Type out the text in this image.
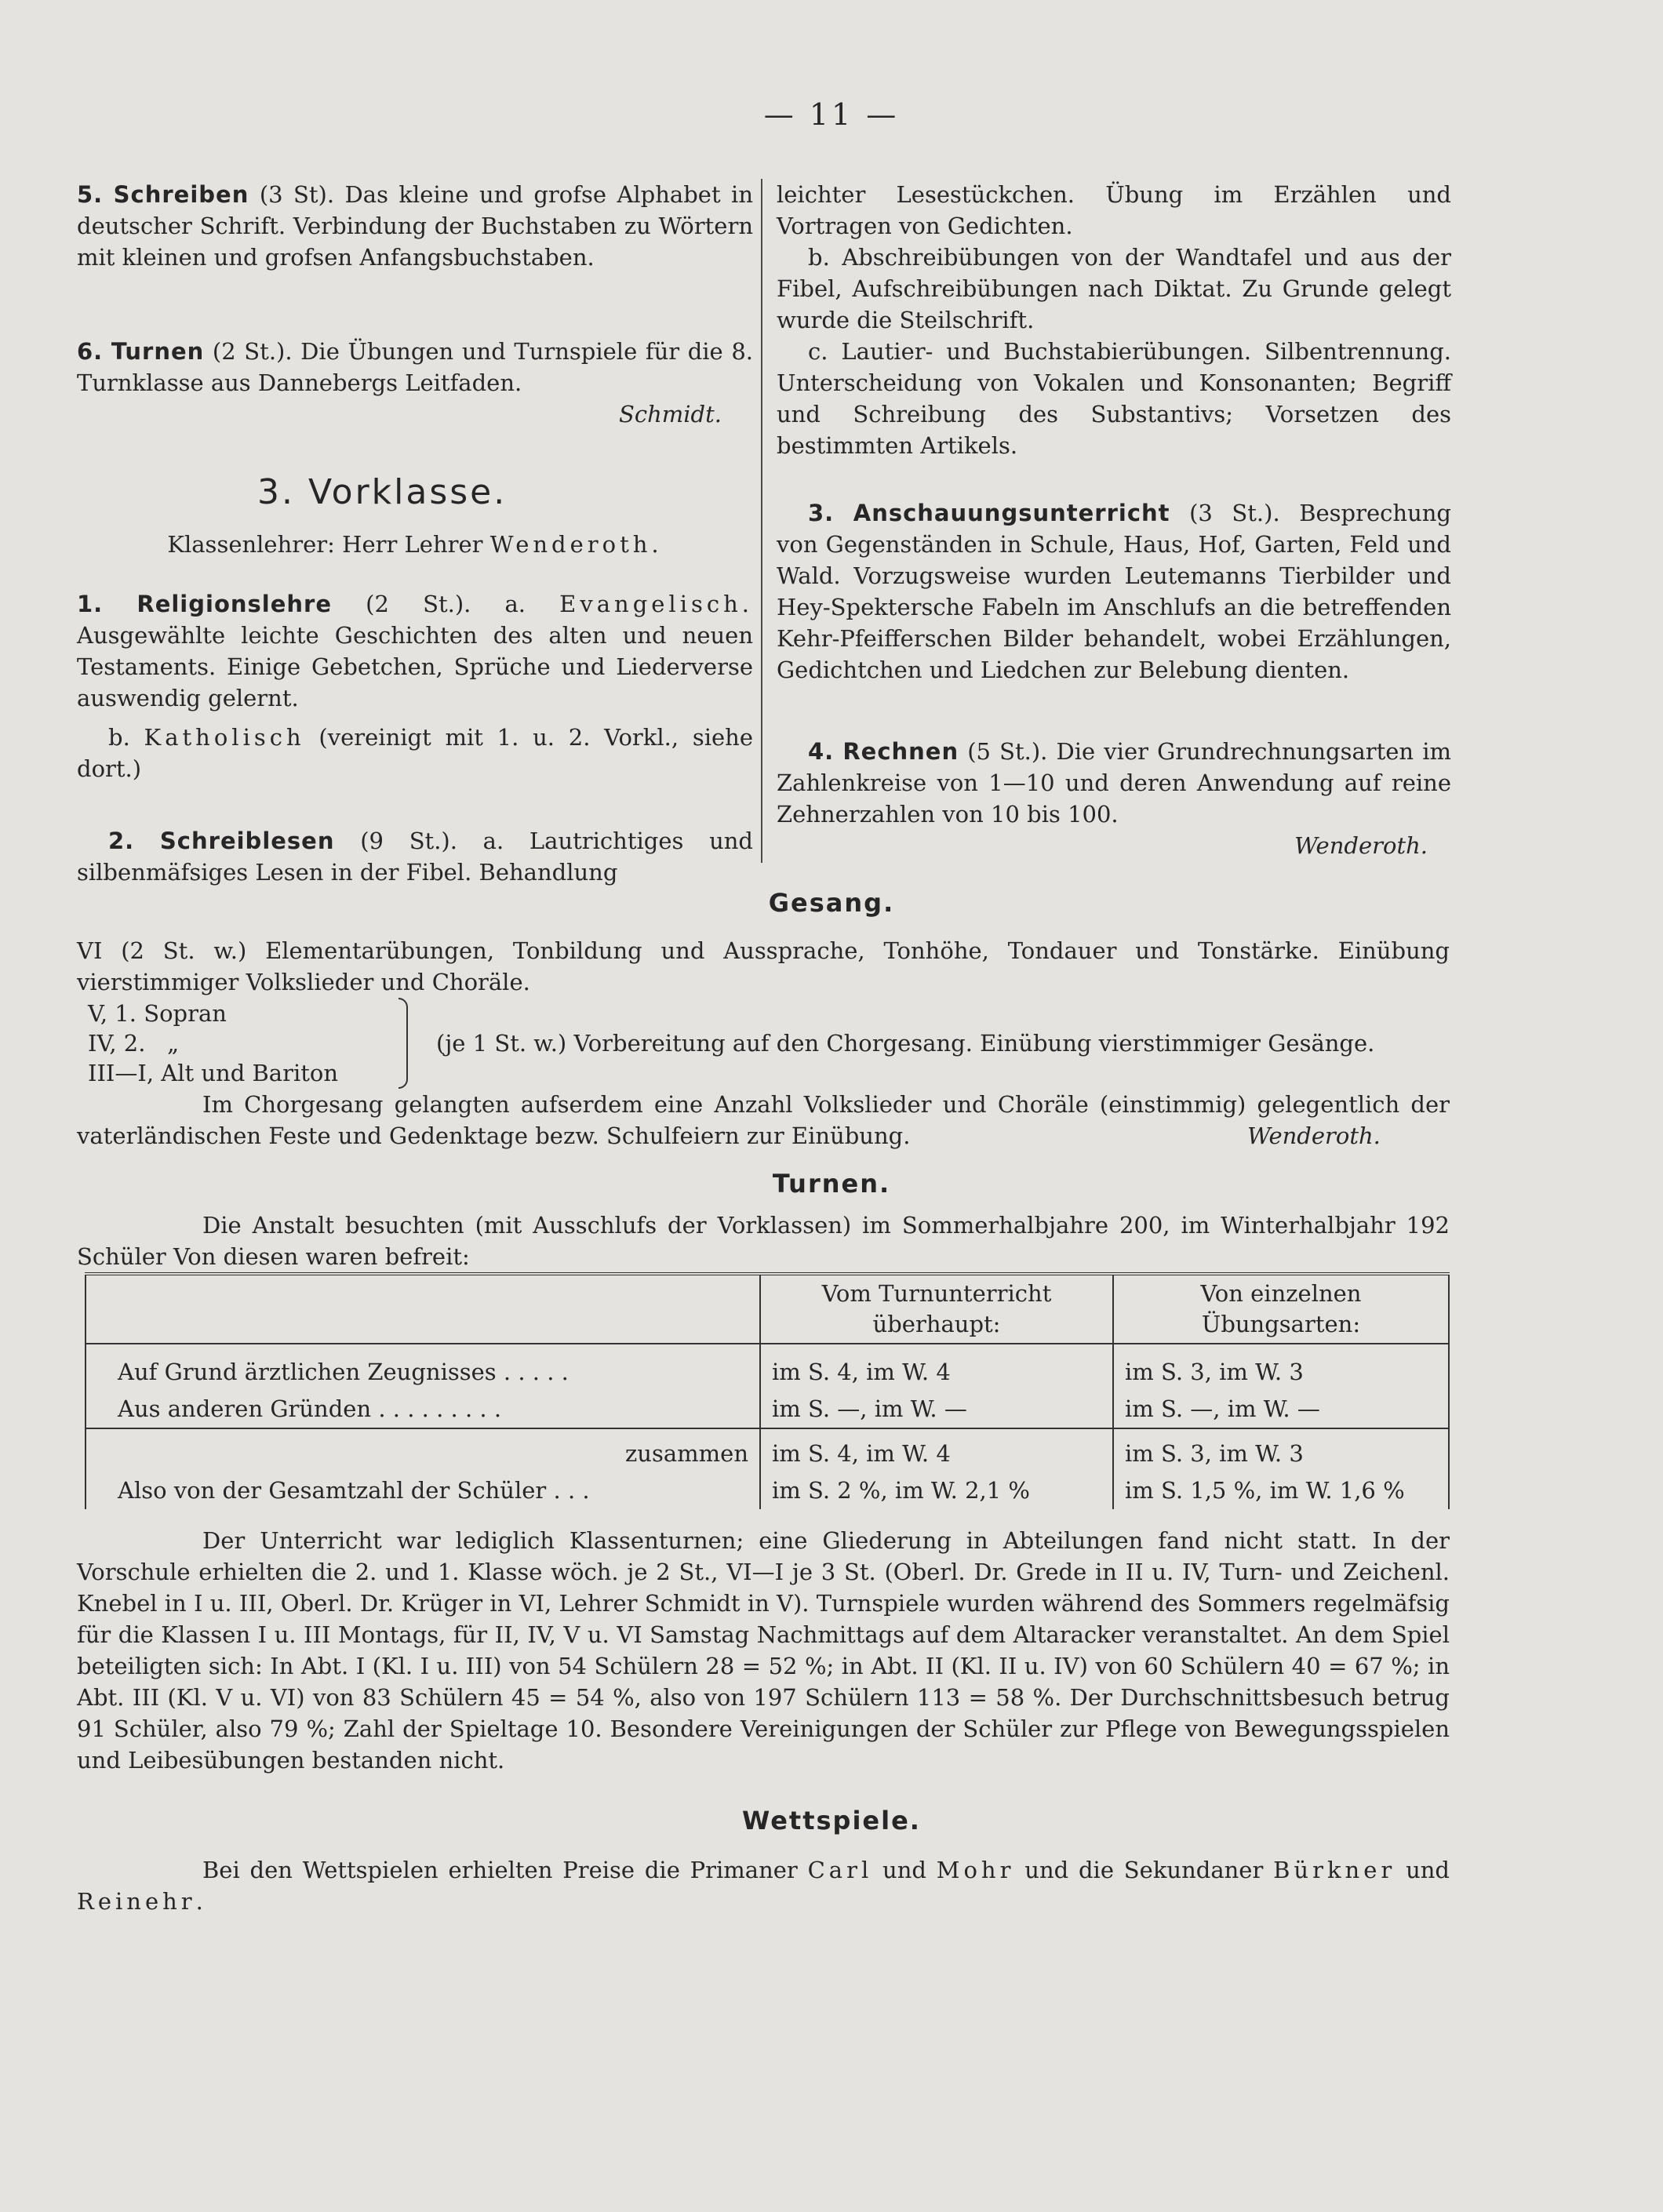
— 11 —

5. Schreiben (3 St). Das kleine und grofse Alphabet in deutscher Schrift. Verbindung der Buchstaben zu Wörtern mit kleinen und grofsen Anfangsbuchstaben.

6. Turnen (2 St.). Die Übungen und Turnspiele für die 8. Turnklasse aus Dannebergs Leitfaden.

Schmidt.

3. Vorklasse.

Klassenlehrer: Herr Lehrer Wenderoth.

1. Religionslehre (2 St.). a. Evangelisch. Ausgewählte leichte Geschichten des alten und neuen Testaments. Einige Gebetchen, Sprüche und Liederverse auswendig gelernt.

b. Katholisch (vereinigt mit 1. u. 2. Vorkl., siehe dort.)

2. Schreiblesen (9 St.). a. Lautrichtiges und silbenmäfsiges Lesen in der Fibel. Behandlung

leichter Lesestückchen. Übung im Erzählen und Vortragen von Gedichten.

b. Abschreibübungen von der Wandtafel und aus der Fibel, Aufschreibübungen nach Diktat. Zu Grunde gelegt wurde die Steilschrift.

c. Lautier- und Buchstabierübungen. Silbentrennung. Unterscheidung von Vokalen und Konsonanten; Begriff und Schreibung des Substantivs; Vorsetzen des bestimmten Artikels.

3. Anschauungsunterricht (3 St.). Besprechung von Gegenständen in Schule, Haus, Hof, Garten, Feld und Wald. Vorzugsweise wurden Leutemanns Tierbilder und Hey-Spektersche Fabeln im Anschlufs an die betreffenden Kehr-Pfeifferschen Bilder behandelt, wobei Erzählungen, Gedichtchen und Liedchen zur Belebung dienten.

4. Rechnen (5 St.). Die vier Grundrechnungsarten im Zahlenkreise von 1—10 und deren Anwendung auf reine Zehnerzahlen von 10 bis 100.

Wenderoth.

Gesang.

VI (2 St. w.) Elementarübungen, Tonbildung und Aussprache, Tonhöhe, Tondauer und Tonstärke. Einübung vierstimmiger Volkslieder und Choräle.

V, 1. Sopran
IV, 2.   „
III—I, Alt und Bariton
(je 1 St. w.) Vorbereitung auf den Chorgesang. Einübung vierstimmiger Gesänge.

Im Chorgesang gelangten aufserdem eine Anzahl Volkslieder und Choräle (einstimmig) gelegentlich der vaterländischen Feste und Gedenktage bezw. Schulfeiern zur Einübung.	Wenderoth.
Turnen.

Die Anstalt besuchten (mit Ausschlufs der Vorklassen) im Sommerhalbjahre 200, im Winterhalbjahr 192 Schüler Von diesen waren befreit:

	Vom Turnunterricht überhaupt:	Von einzelnen Übungsarten:
Auf Grund ärztlichen Zeugnisses . . . . .	im S. 4, im W. 4	im S. 3, im W. 3
Aus anderen Gründen . . . . . . . . .	im S. —, im W. —	im S. —, im W. —
zusammen	im S. 4, im W. 4	im S. 3, im W. 3
Also von der Gesamtzahl der Schüler . . .	im S. 2 %, im W. 2,1 %	im S. 1,5 %, im W. 1,6 %

Der Unterricht war lediglich Klassenturnen; eine Gliederung in Abteilungen fand nicht statt. In der Vorschule erhielten die 2. und 1. Klasse wöch. je 2 St., VI—I je 3 St. (Oberl. Dr. Grede in II u. IV, Turn- und Zeichenl. Knebel in I u. III, Oberl. Dr. Krüger in VI, Lehrer Schmidt in V). Turnspiele wurden während des Sommers regelmäfsig für die Klassen I u. III Montags, für II, IV, V u. VI Samstag Nachmittags auf dem Altaracker veranstaltet. An dem Spiel beteiligten sich: In Abt. I (Kl. I u. III) von 54 Schülern 28 = 52 %; in Abt. II (Kl. II u. IV) von 60 Schülern 40 = 67 %; in Abt. III (Kl. V u. VI) von 83 Schülern 45 = 54 %, also von 197 Schülern 113 = 58 %. Der Durchschnittsbesuch betrug 91 Schüler, also 79 %; Zahl der Spieltage 10. Besondere Vereinigungen der Schüler zur Pflege von Bewegungsspielen und Leibesübungen bestanden nicht.

Wettspiele.

Bei den Wettspielen erhielten Preise die Primaner Carl und Mohr und die Sekundaner Bürkner und Reinehr.
